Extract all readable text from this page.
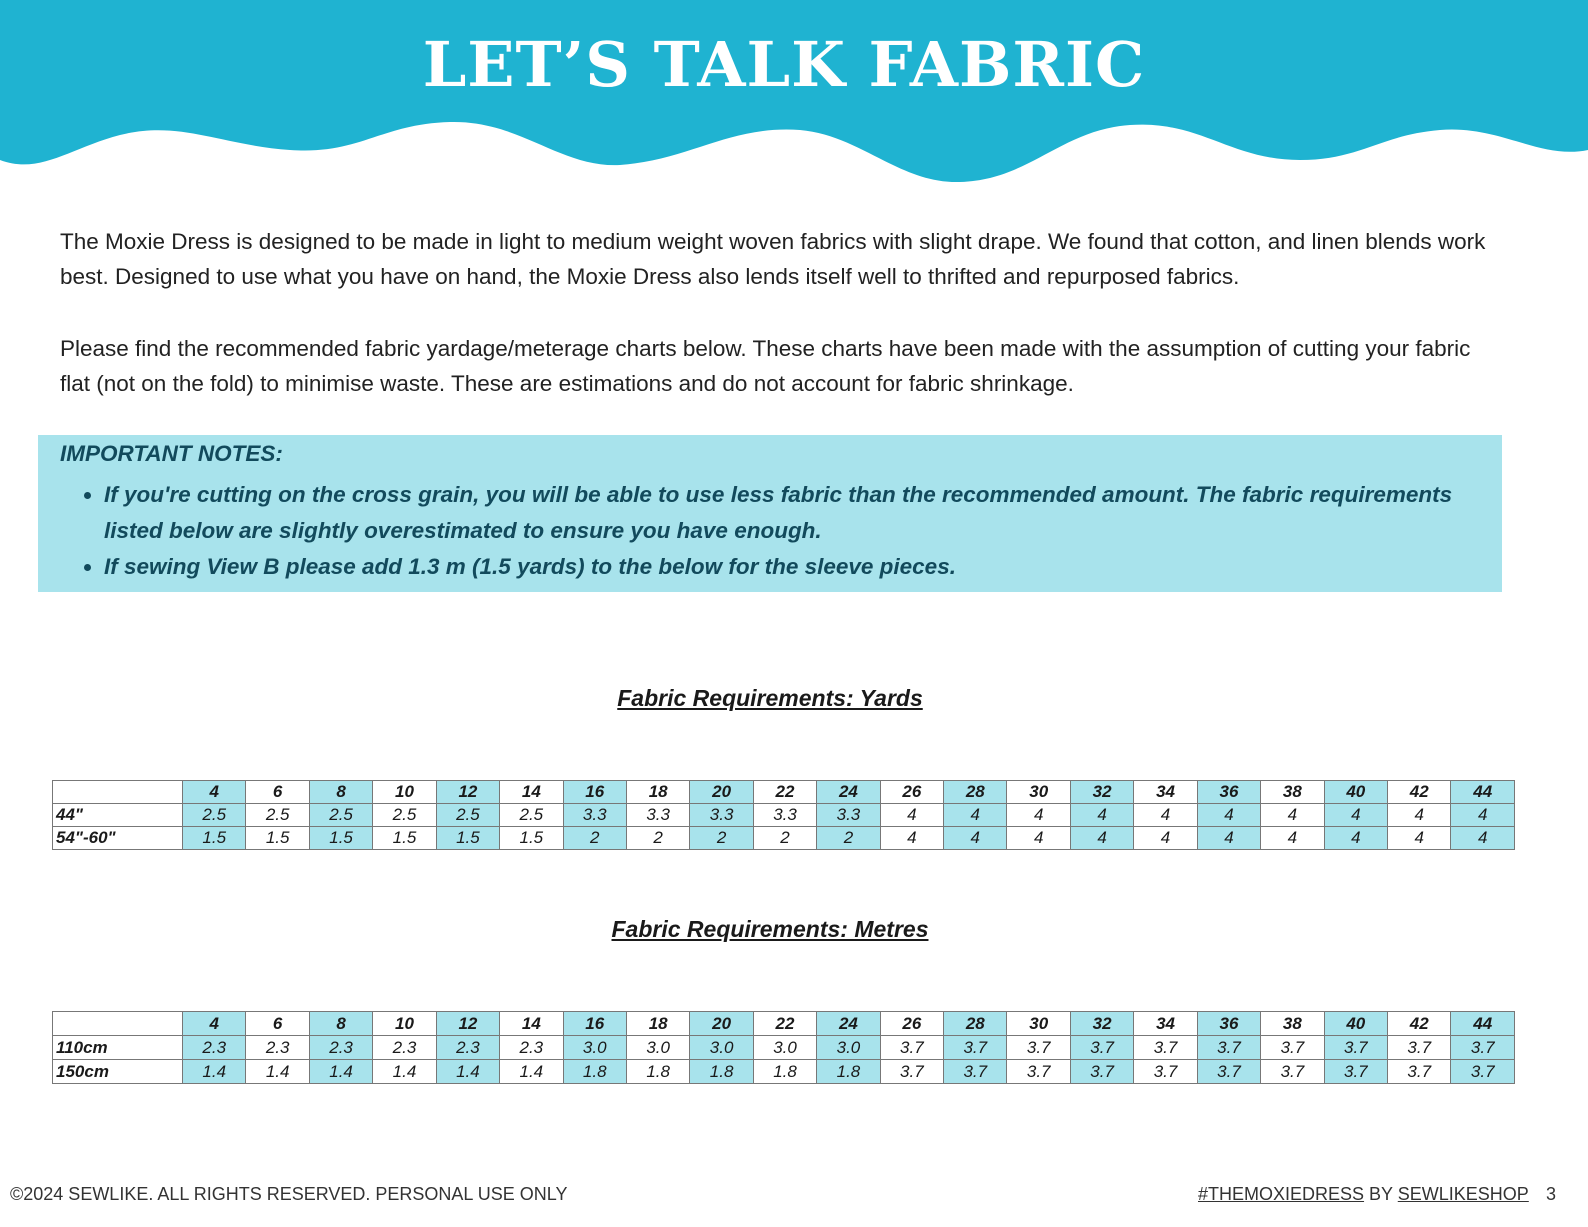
LET’S TALK FABRIC

The Moxie Dress is designed to be made in light to medium weight woven fabrics with slight drape. We found that cotton, and linen blends work best. Designed to use what you have on hand, the Moxie Dress also lends itself well to thrifted and repurposed fabrics.

Please find the recommended fabric yardage/meterage charts below. These charts have been made with the assumption of cutting your fabric flat (not on the fold) to minimise waste. These are estimations and do not account for fabric shrinkage.

IMPORTANT NOTES:
• If you're cutting on the cross grain, you will be able to use less fabric than the recommended amount. The fabric requirements listed below are slightly overestimated to ensure you have enough.
• If sewing View B please add 1.3 m (1.5 yards) to the below for the sleeve pieces.
Fabric Requirements: Yards
	4	6	8	10	12	14	16	18	20	22	24	26	28	30	32	34	36	38	40	42	44
44"	2.5	2.5	2.5	2.5	2.5	2.5	3.3	3.3	3.3	3.3	3.3	4	4	4	4	4	4	4	4	4	4
54"-60"	1.5	1.5	1.5	1.5	1.5	1.5	2	2	2	2	2	4	4	4	4	4	4	4	4	4	4
Fabric Requirements: Metres
	4	6	8	10	12	14	16	18	20	22	24	26	28	30	32	34	36	38	40	42	44
110cm	2.3	2.3	2.3	2.3	2.3	2.3	3.0	3.0	3.0	3.0	3.0	3.7	3.7	3.7	3.7	3.7	3.7	3.7	3.7	3.7	3.7
150cm	1.4	1.4	1.4	1.4	1.4	1.4	1.8	1.8	1.8	1.8	1.8	3.7	3.7	3.7	3.7	3.7	3.7	3.7	3.7	3.7	3.7
©2024 SEWLIKE. ALL RIGHTS RESERVED. PERSONAL USE ONLY	#THEMOXIEDRESS BY SEWLIKESHOP 3
